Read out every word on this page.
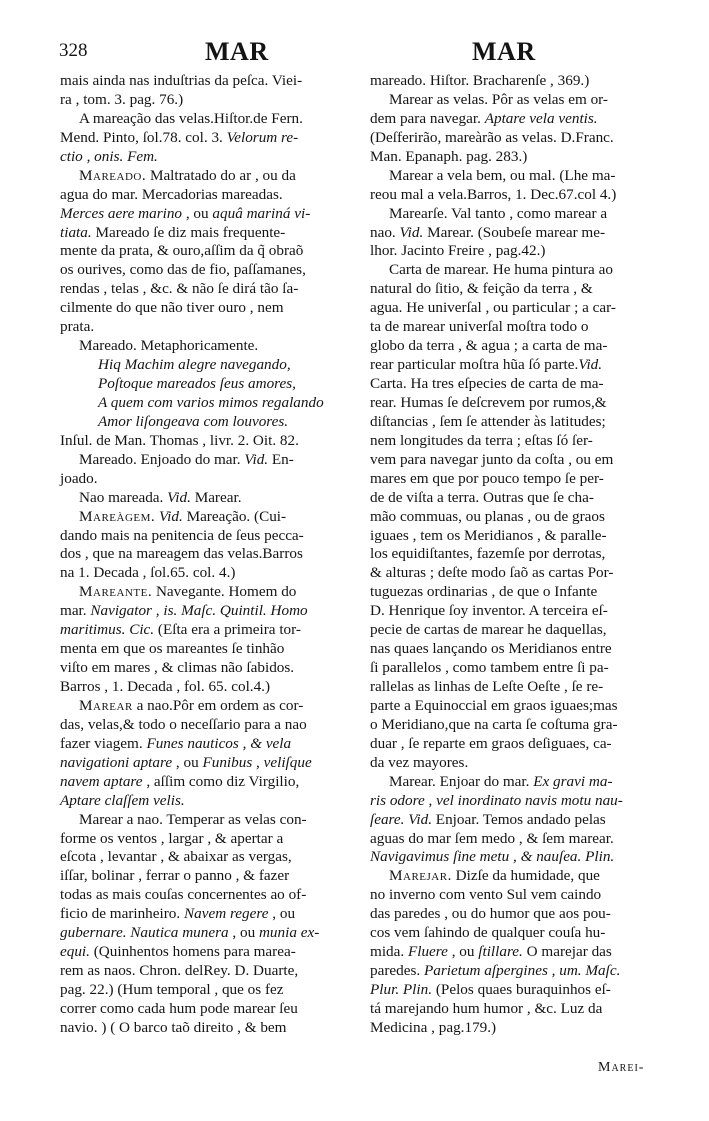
328	MAR	MAR
mais ainda nas induſtrias da peſca. Viei-
ra , tom. 3. pag. 76.)
A mareação das velas.Hiſtor.de Fern.
Mend. Pinto, ſol.78. col. 3. Velorum re-
ctio , onis. Fem.
Mareado. Maltratado do ar , ou da
agua do mar. Mercadorias mareadas.
Merces aere marino , ou aquâ mariná vi-
tiata. Mareado ſe diz mais frequente-
mente da prata, & ouro,aſſim da q̃ obraõ
os ourives, como das de fio, paſſamanes,
rendas , telas , &c. & não ſe dirá tão ſa-
cilmente do que não tiver ouro , nem
prata.
Mareado. Metaphoricamente.
Hiq Machim alegre navegando,
Poſtoque mareados ſeus amores,
A quem com varios mimos regalando
Amor liſongeava com louvores.
Inſul. de Man. Thomas , livr. 2. Oit. 82.
Mareado. Enjoado do mar. Vid. En-
joado.
Nao mareada. Vid. Marear.
Mareàgem. Vid. Mareação. (Cui-
dando mais na penitencia de ſeus pecca-
dos , que na mareagem das velas.Barros
na 1. Decada , ſol.65. col. 4.)
Mareante. Navegante. Homem do
mar. Navigator , is. Maſc. Quintil. Homo
maritimus. Cic. (Eſta era a primeira tor-
menta em que os mareantes ſe tinhão
viſto em mares , & climas não ſabidos.
Barros , 1. Decada , fol. 65. col.4.)
Marear a nao.Pôr em ordem as cor-
das, velas,& todo o neceſſario para a nao
fazer viagem. Funes nauticos , & vela
navigationi aptare , ou Funibus , veliſque
navem aptare , aſſim como diz Virgilio,
Aptare claſſem velis.
Marear a nao. Temperar as velas con-
forme os ventos , largar , & apertar a
eſcota , levantar , & abaixar as vergas,
iſſar, bolinar , ferrar o panno , & fazer
todas as mais couſas concernentes ao of-
ficio de marinheiro. Navem regere , ou
gubernare. Nautica munera , ou munia ex-
equi. (Quinhentos homens para marea-
rem as naos. Chron. delRey. D. Duarte,
pag. 22.) (Hum temporal , que os fez
correr como cada hum pode marear ſeu
navio. ) ( O barco taõ direito , & bem
mareado. Hiſtor. Bracharenſe , 369.)
Marear as velas. Pôr as velas em or-
dem para navegar. Aptare vela ventis.
(Deſferirão, mareàrão as velas. D.Franc.
Man. Epanaph. pag. 283.)
Marear a vela bem, ou mal. (Lhe ma-
reou mal a vela.Barros, 1. Dec.67.col 4.)
Marearſe. Val tanto , como marear a
nao. Vid. Marear. (Soubeſe marear me-
lhor. Jacinto Freire , pag.42.)
Carta de marear. He huma pintura ao
natural do ſitio, & feição da terra , &
agua. He univerſal , ou particular ; a car-
ta de marear univerſal moſtra todo o
globo da terra , & agua ; a carta de ma-
rear particular moſtra hũa ſó parte.Vid.
Carta. Ha tres eſpecies de carta de ma-
rear. Humas ſe deſcrevem por rumos,&
diſtancias , ſem ſe attender às latitudes;
nem longitudes da terra ; eſtas ſó ſer-
vem para navegar junto da coſta , ou em
mares em que por pouco tempo ſe per-
de de viſta a terra. Outras que ſe cha-
mão commuas, ou planas , ou de graos
iguaes , tem os Meridianos , & paralle-
los equidiſtantes, fazemſe por derrotas,
& alturas ; deſte modo ſaõ as cartas Por-
tuguezas ordinarias , de que o Infante
D. Henrique ſoy inventor. A terceira eſ-
pecie de cartas de marear he daquellas,
nas quaes lançando os Meridianos entre
ſi parallelos , como tambem entre ſi pa-
rallelas as linhas de Leſte Oeſte , ſe re-
parte a Equinoccial em graos iguaes;mas
o Meridiano,que na carta ſe coſtuma gra-
duar , ſe reparte em graos deſiguaes, ca-
da vez mayores.
Marear. Enjoar do mar. Ex gravi ma-
ris odore , vel inordinato navis motu nau-
ſeare. Vid. Enjoar. Temos andado pelas
aguas do mar ſem medo , & ſem marear.
Navigavimus ſine metu , & nauſea. Plin.
Marejar. Dizſe da humidade, que
no inverno com vento Sul vem caindo
das paredes , ou do humor que aos pou-
cos vem ſahindo de qualquer couſa hu-
mida. Fluere , ou ſtillare. O marejar das
paredes. Parietum aſpergines , um. Maſc.
Plur. Plin. (Pelos quaes buraquinhos eſ-
tá marejando hum humor , &c. Luz da
Medicina , pag.179.)
Marei-
